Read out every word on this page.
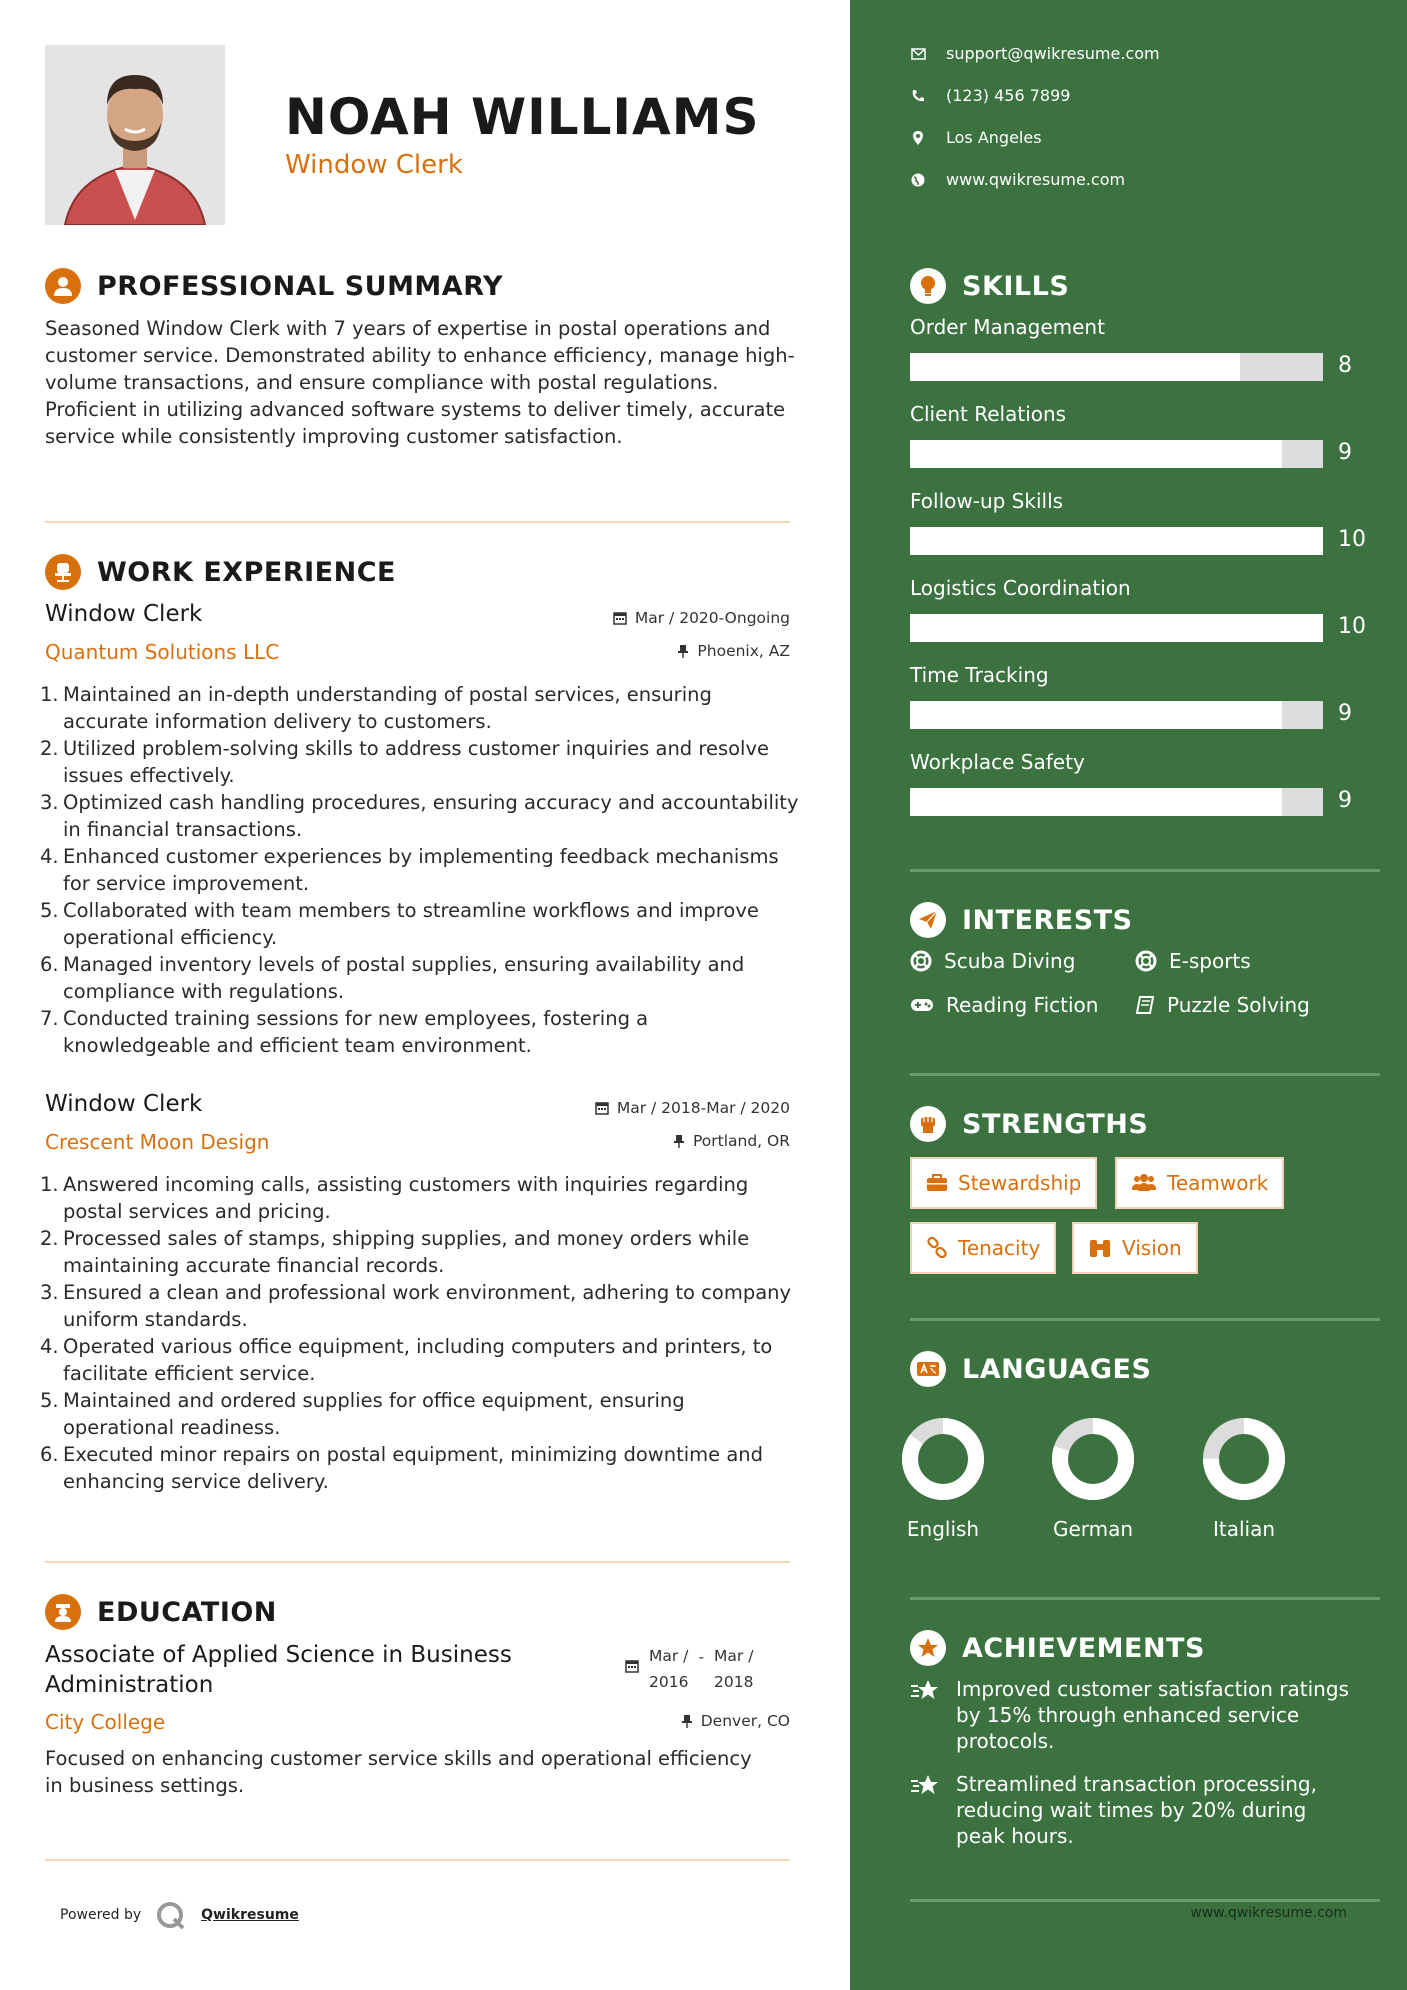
NOAH WILLIAMS
Window Clerk
PROFESSIONAL SUMMARY
Seasoned Window Clerk with 7 years of expertise in postal operations and customer service. Demonstrated ability to enhance efficiency, manage high-volume transactions, and ensure compliance with postal regulations. Proficient in utilizing advanced software systems to deliver timely, accurate service while consistently improving customer satisfaction.
WORK EXPERIENCE
Window Clerk	Mar / 2020-Ongoing
Quantum Solutions LLC	Phoenix, AZ
1. Maintained an in-depth understanding of postal services, ensuring accurate information delivery to customers.
2. Utilized problem-solving skills to address customer inquiries and resolve issues effectively.
3. Optimized cash handling procedures, ensuring accuracy and accountability in financial transactions.
4. Enhanced customer experiences by implementing feedback mechanisms for service improvement.
5. Collaborated with team members to streamline workflows and improve operational efficiency.
6. Managed inventory levels of postal supplies, ensuring availability and compliance with regulations.
7. Conducted training sessions for new employees, fostering a knowledgeable and efficient team environment.
Window Clerk	Mar / 2018-Mar / 2020
Crescent Moon Design	Portland, OR
1. Answered incoming calls, assisting customers with inquiries regarding postal services and pricing.
2. Processed sales of stamps, shipping supplies, and money orders while maintaining accurate financial records.
3. Ensured a clean and professional work environment, adhering to company uniform standards.
4. Operated various office equipment, including computers and printers, to facilitate efficient service.
5. Maintained and ordered supplies for office equipment, ensuring operational readiness.
6. Executed minor repairs on postal equipment, minimizing downtime and enhancing service delivery.
EDUCATION
Associate of Applied Science in Business
Administration
Mar /
2016
- Mar /
2018
City College	Denver, CO
Focused on enhancing customer service skills and operational efficiency in business settings.
Powered by	Qwikresume
support@qwikresume.com
(123) 456 7899
Los Angeles
www.qwikresume.com
SKILLS
Order Management
8
Client Relations
9
Follow-up Skills
10
Logistics Coordination
10
Time Tracking
9
Workplace Safety
9
INTERESTS
Scuba Diving	E-sports
Reading Fiction	Puzzle Solving
STRENGTHS
Stewardship	Teamwork
Tenacity	Vision
LANGUAGES
English	German	Italian
ACHIEVEMENTS
Improved customer satisfaction ratings by 15% through enhanced service protocols.
Streamlined transaction processing, reducing wait times by 20% during peak hours.
www.qwikresume.com
